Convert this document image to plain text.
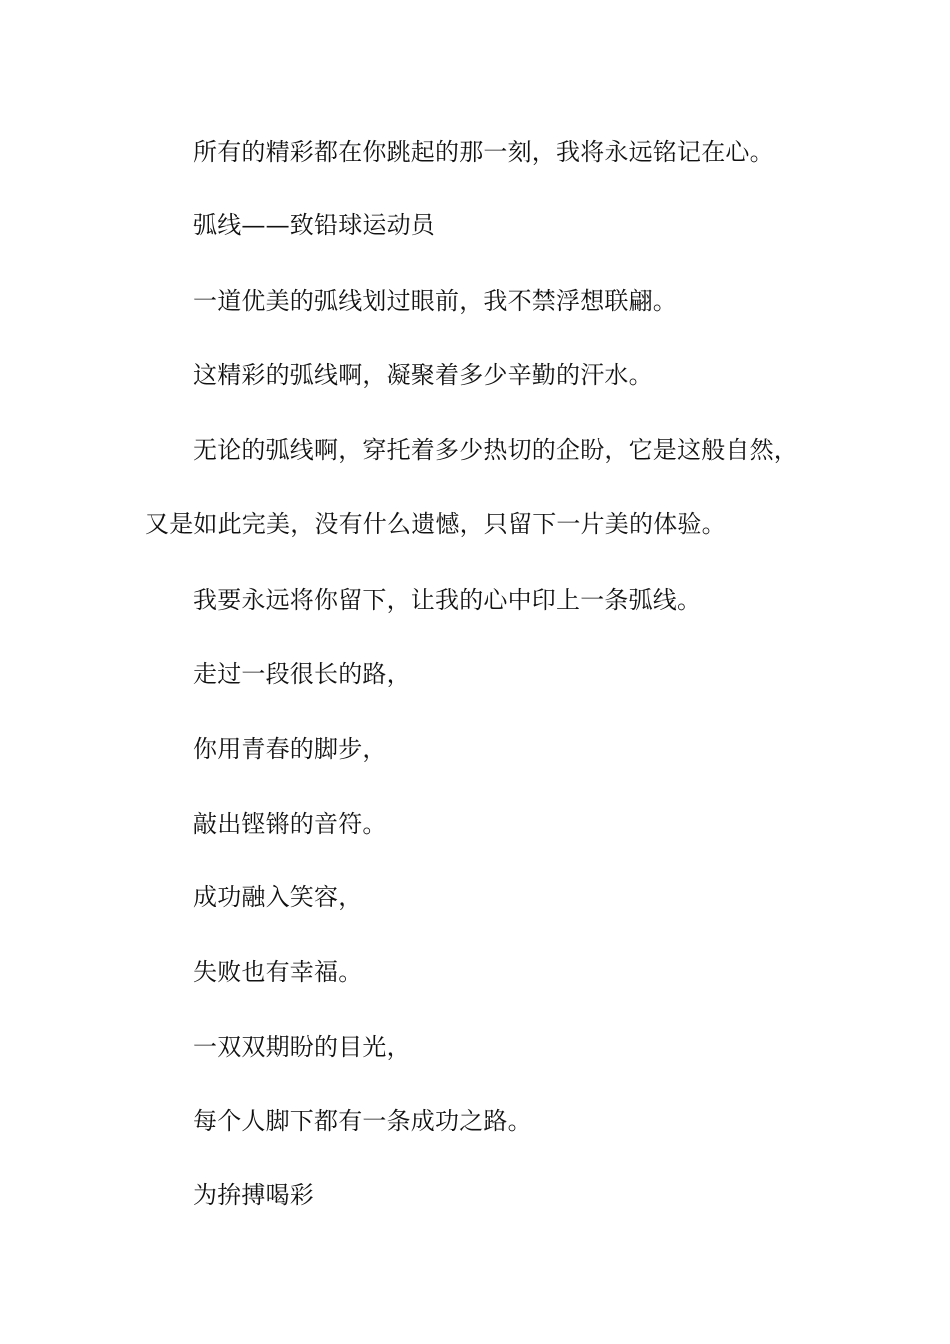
所有的精彩都在你跳起的那一刻，我将永远铭记在心。
弧线——致铅球运动员
一道优美的弧线划过眼前，我不禁浮想联翩。
这精彩的弧线啊，凝聚着多少辛勤的汗水。
无论的弧线啊，穿托着多少热切的企盼，它是这般自然，
又是如此完美，没有什么遗憾，只留下一片美的体验。
我要永远将你留下，让我的心中印上一条弧线。
走过一段很长的路，
你用青春的脚步，
敲出铿锵的音符。
成功融入笑容，
失败也有幸福。
一双双期盼的目光，
每个人脚下都有一条成功之路。
为拚搏喝彩
